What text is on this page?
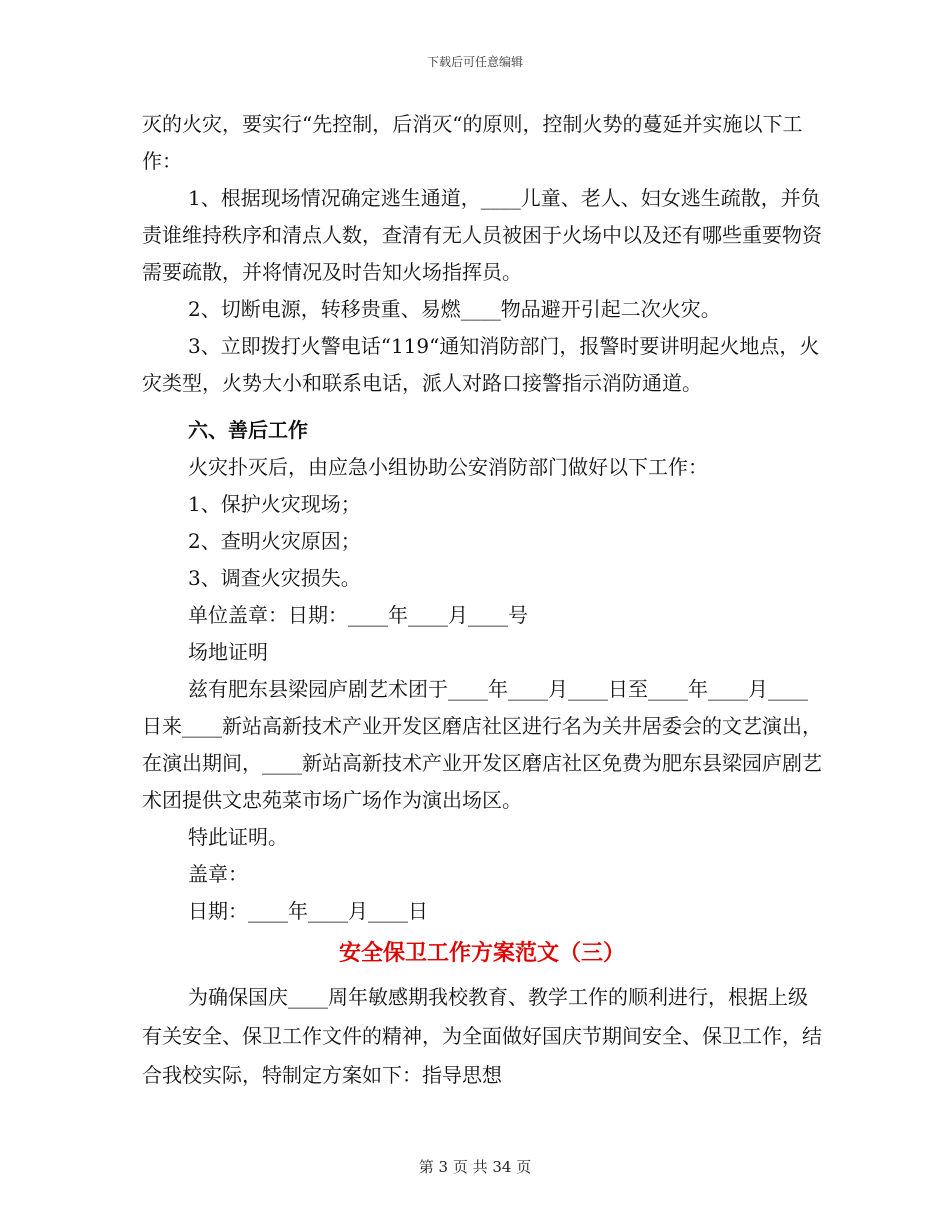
下载后可任意编辑

灭的火灾，要实行“先控制，后消灭“的原则，控制火势的蔓延并实施以下工作：

1、根据现场情况确定逃生通道，____儿童、老人、妇女逃生疏散，并负责谁维持秩序和清点人数，查清有无人员被困于火场中以及还有哪些重要物资需要疏散，并将情况及时告知火场指挥员。

2、切断电源，转移贵重、易燃____物品避开引起二次火灾。

3、立即拨打火警电话“119“通知消防部门，报警时要讲明起火地点，火灾类型，火势大小和联系电话，派人对路口接警指示消防通道。

六、善后工作

火灾扑灭后，由应急小组协助公安消防部门做好以下工作：

1、保护火灾现场；

2、查明火灾原因；

3、调查火灾损失。

单位盖章：日期：____年____月____号

场地证明

兹有肥东县梁园庐剧艺术团于____年____月____日至____年____月____日来____新站高新技术产业开发区磨店社区进行名为关井居委会的文艺演出，在演出期间，____新站高新技术产业开发区磨店社区免费为肥东县梁园庐剧艺术团提供文忠苑菜市场广场作为演出场区。

特此证明。

盖章：

日期：____年____月____日

安全保卫工作方案范文（三）

为确保国庆____周年敏感期我校教育、教学工作的顺利进行，根据上级有关安全、保卫工作文件的精神，为全面做好国庆节期间安全、保卫工作，结合我校实际，特制定方案如下：指导思想

第 3 页 共 34 页
